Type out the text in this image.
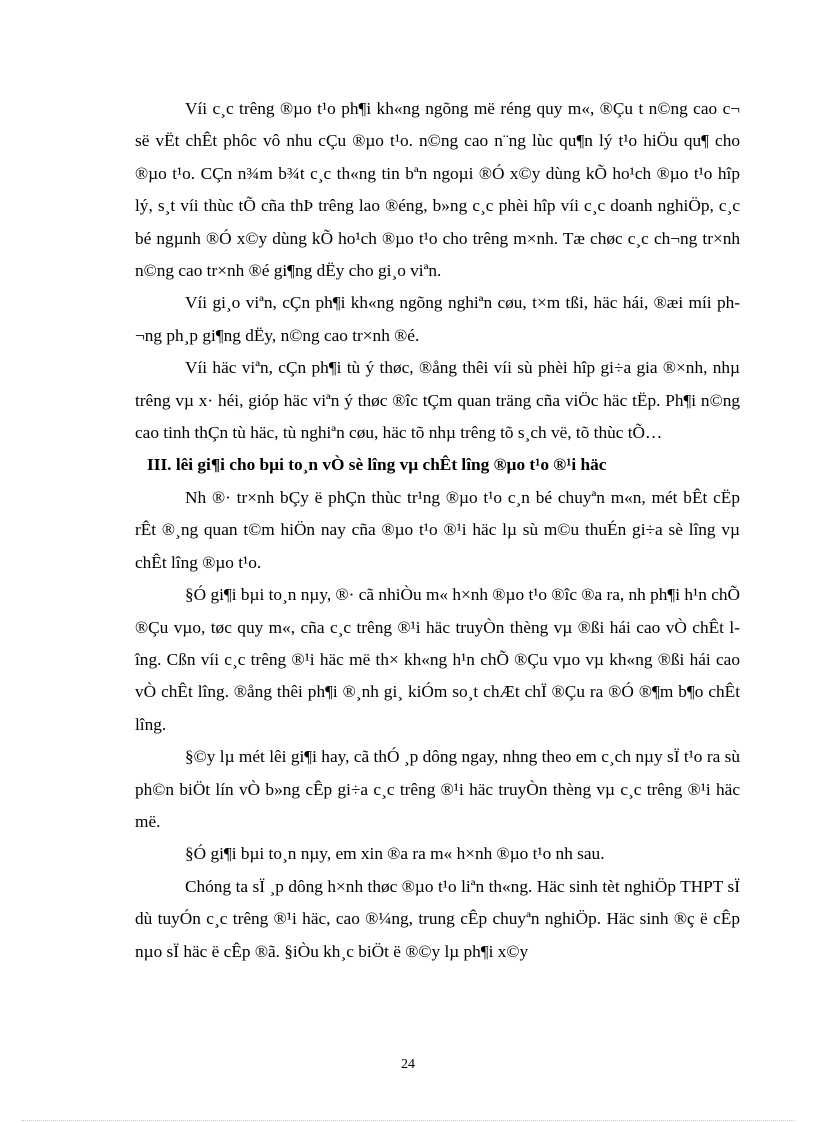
Víi c¸c trêng ®µo t¹o ph¶i kh«ng ngõng më réng quy m«, ®Çu t n©ng cao c¬ së vËt chÊt phôc vô nhu cÇu ®µo t¹o. n©ng cao n¨ng lùc qu¶n lý t¹o hiÖu qu¶ cho ®µo t¹o. CÇn n¾m b¾t c¸c th«ng tin bªn ngoµi ®Ó x©y dùng kÕ ho¹ch ®µo t¹o hîp lý, s¸t víi thùc tÕ cña thÞ trêng lao ®éng, b»ng c¸c phèi hîp víi c¸c doanh nghiÖp, c¸c bé ngµnh ®Ó x©y dùng kÕ ho¹ch ®µo t¹o cho trêng m×nh. Tæ chøc c¸c ch¬ng tr×nh n©ng cao tr×nh ®é gi¶ng dËy cho gi¸o viªn.

Víi gi¸o viªn, cÇn ph¶i kh«ng ngõng nghiªn cøu, t×m tßi, häc hái, ®æi míi ph¬ng ph¸p gi¶ng dËy, n©ng cao tr×nh ®é.

Víi häc viªn, cÇn ph¶i tù ý thøc, ®ång thêi víi sù phèi hîp gi÷a gia ®×nh, nhµ trêng vµ x· héi, gióp häc viªn ý thøc ®îc tÇm quan träng cña viÖc häc tËp. Ph¶i n©ng cao tinh thÇn tù häc, tù nghiªn cøu, häc tõ nhµ trêng tõ s¸ch vë, tõ thùc tÕ…

III. lêi gi¶i cho bµi to¸n vÒ sè lîng vµ chÊt lîng ®µo t¹o ®¹i häc

Nh ®· tr×nh bÇy ë phÇn thùc tr¹ng ®µo t¹o c¸n bé chuyªn m«n, mét bÊt cËp rÊt ®¸ng quan t©m hiÖn nay cña ®µo t¹o ®¹i häc lµ sù m©u thuÉn gi÷a sè lîng vµ chÊt lîng ®µo t¹o.

§Ó gi¶i bµi to¸n nµy, ®· cã nhiÒu m« h×nh ®µo t¹o ®îc ®a ra, nh ph¶i h¹n chÕ ®Çu vµo, tøc quy m«, cña c¸c trêng ®¹i häc truyÒn thèng vµ ®ßi hái cao vÒ chÊt lîng. Cßn víi c¸c trêng ®¹i häc më th× kh«ng h¹n chÕ ®Çu vµo vµ kh«ng ®ßi hái cao vÒ chÊt lîng. ®ång thêi ph¶i ®¸nh gi¸ kiÓm so¸t chÆt chÏ ®Çu ra ®Ó ®¶m b¶o chÊt lîng.

§©y lµ mét lêi gi¶i hay, cã thÓ ¸p dông ngay, nhng theo em c¸ch nµy sÏ t¹o ra sù ph©n biÖt lín vÒ b»ng cÊp gi÷a c¸c trêng ®¹i häc truyÒn thèng vµ c¸c trêng ®¹i häc më.

§Ó gi¶i bµi to¸n nµy, em xin ®a ra m« h×nh ®µo t¹o nh sau.

Chóng ta sÏ ¸p dông h×nh thøc ®µo t¹o liªn th«ng. Häc sinh tèt nghiÖp THPT sÏ dù tuyÓn c¸c trêng ®¹i häc, cao ®¼ng, trung cÊp chuyªn nghiÖp. Häc sinh ®ç ë cÊp nµo sÏ häc ë cÊp ®ã. §iÒu kh¸c biÖt ë ®©y lµ ph¶i x©y

24
